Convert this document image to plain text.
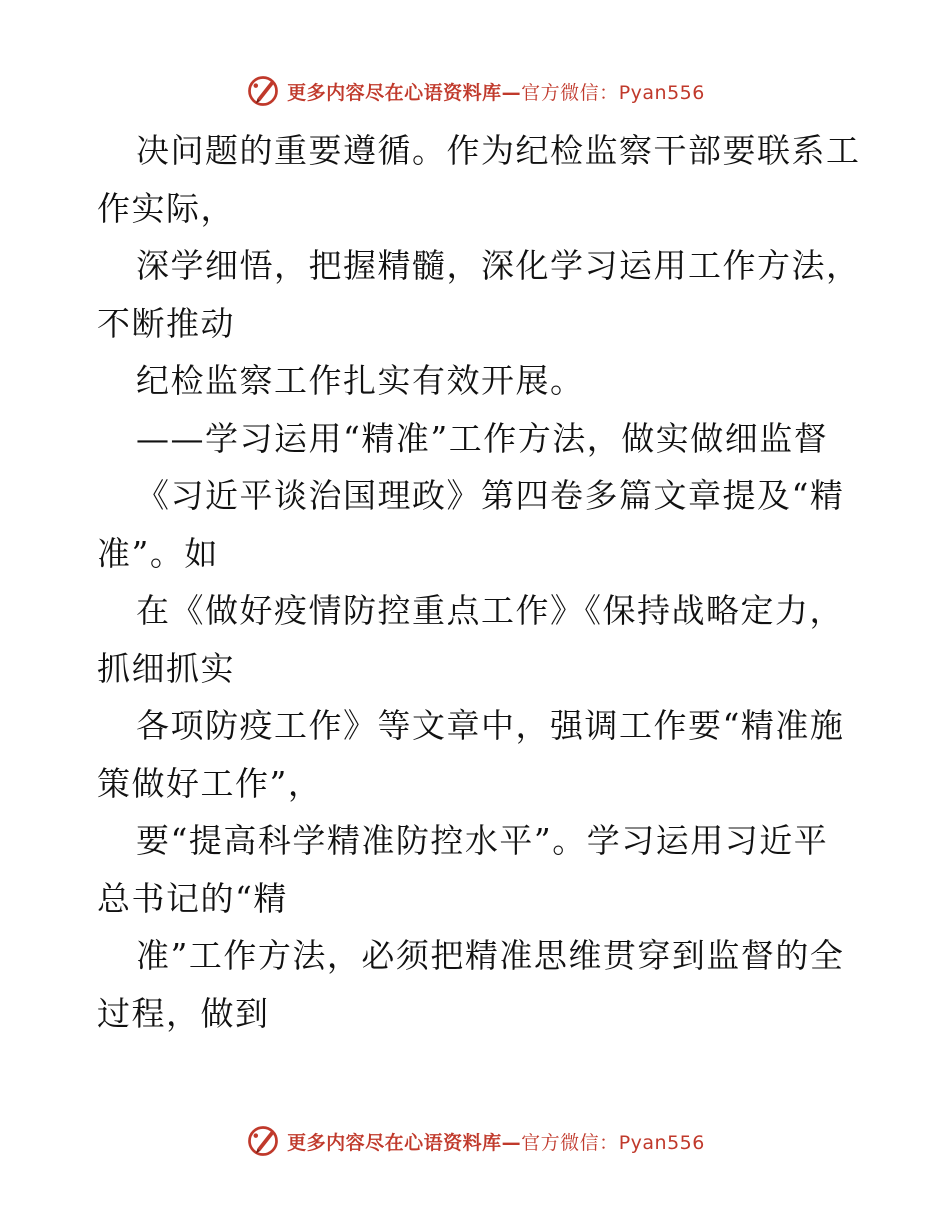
更多内容尽在心语资料库—官方微信：Pyan556
决问题的重要遵循。作为纪检监察干部要联系工
作实际，
深学细悟，把握精髓，深化学习运用工作方法，
不断推动
纪检监察工作扎实有效开展。
——学习运用“精准”工作方法，做实做细监督
《习近平谈治国理政》第四卷多篇文章提及“精
准”。如
在《做好疫情防控重点工作》《保持战略定力，
抓细抓实
各项防疫工作》等文章中，强调工作要“精准施
策做好工作”，
要“提高科学精准防控水平”。学习运用习近平
总书记的“精
准”工作方法，必须把精准思维贯穿到监督的全
过程，做到
更多内容尽在心语资料库—官方微信：Pyan556
